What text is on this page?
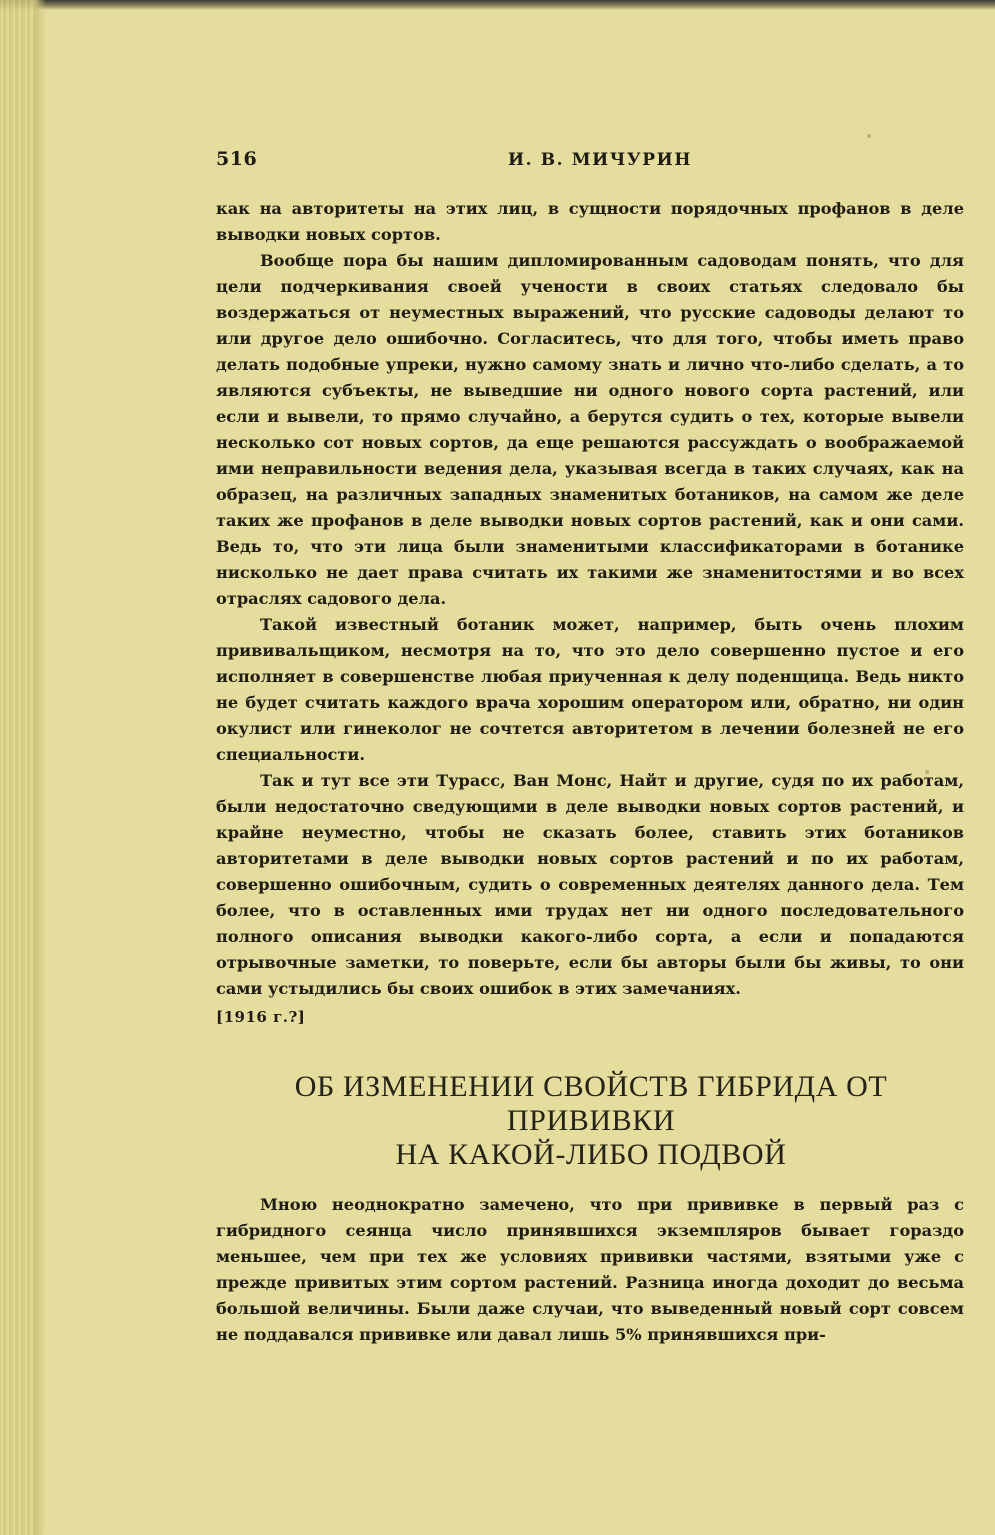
516	И. В. МИЧУРИН

как на авторитеты на этих лиц, в сущности порядочных профанов в деле выводки новых сортов.

Вообще пора бы нашим дипломированным садоводам понять, что для цели подчеркивания своей учености в своих статьях следовало бы воздержаться от неуместных выражений, что русские садоводы делают то или другое дело ошибочно. Согласитесь, что для того, чтобы иметь право делать подобные упреки, нужно самому знать и лично что-либо сделать, а то являются субъекты, не выведшие ни одного нового сорта растений, или если и вывели, то прямо случайно, а берутся судить о тех, которые вывели несколько сот новых сортов, да еще решаются рассуждать о воображаемой ими неправильности ведения дела, указывая всегда в таких случаях, как на образец, на различных западных знаменитых ботаников, на самом же деле таких же профанов в деле выводки новых сортов растений, как и они сами. Ведь то, что эти лица были знаменитыми классификаторами в ботанике нисколько не дает права считать их такими же знаменитостями и во всех отраслях садового дела.

Такой известный ботаник может, например, быть очень плохим прививальщиком, несмотря на то, что это дело совершенно пустое и его исполняет в совершенстве любая приученная к делу поденщица. Ведь никто не будет считать каждого врача хорошим оператором или, обратно, ни один окулист или гинеколог не сочтется авторитетом в лечении болезней не его специальности.

Так и тут все эти Турасс, Ван Монс, Найт и другие, судя по их работам, были недостаточно сведующими в деле выводки новых сортов растений, и крайне неуместно, чтобы не сказать более, ставить этих ботаников авторитетами в деле выводки новых сортов растений и по их работам, совершенно ошибочным, судить о современных деятелях данного дела. Тем более, что в оставленных ими трудах нет ни одного последовательного полного описания выводки какого-либо сорта, а если и попадаются отрывочные заметки, то поверьте, если бы авторы были бы живы, то они сами устыдились бы своих ошибок в этих замечаниях.

[1916 г.?]
ОБ ИЗМЕНЕНИИ СВОЙСТВ ГИБРИДА ОТ ПРИВИВКИ
НА КАКОЙ-ЛИБО ПОДВОЙ

Мною неоднократно замечено, что при прививке в первый раз с гибридного сеянца число принявшихся экземпляров бывает гораздо меньшее, чем при тех же условиях прививки частями, взятыми уже с прежде привитых этим сортом растений. Разница иногда доходит до весьма большой величины. Были даже случаи, что выведенный новый сорт совсем не поддавался прививке или давал лишь 5% принявшихся при-
